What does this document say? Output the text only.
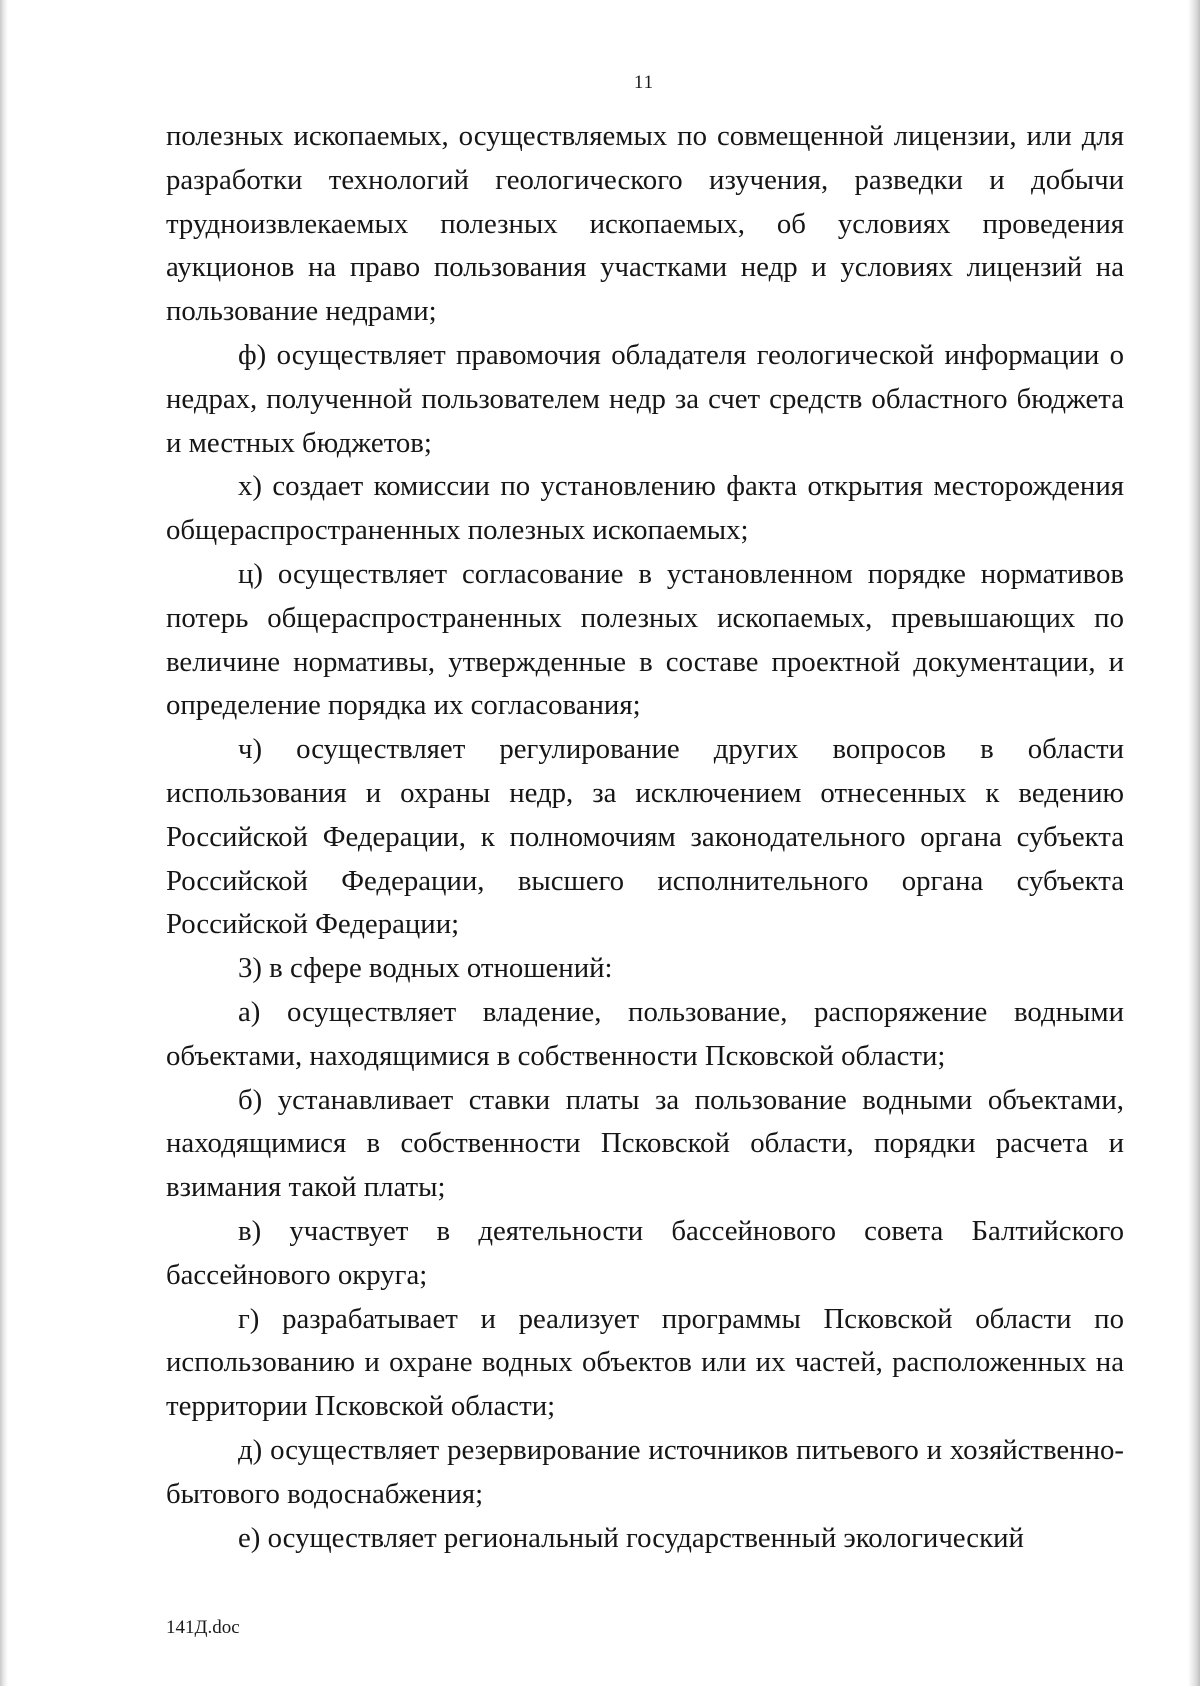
11

полезных ископаемых, осуществляемых по совмещенной лицензии, или для разработки технологий геологического изучения, разведки и добычи трудноизвлекаемых полезных ископаемых, об условиях проведения аукционов на право пользования участками недр и условиях лицензий на пользование недрами;

ф) осуществляет правомочия обладателя геологической информации о недрах, полученной пользователем недр за счет средств областного бюджета и местных бюджетов;

х) создает комиссии по установлению факта открытия месторождения общераспространенных полезных ископаемых;

ц) осуществляет согласование в установленном порядке нормативов потерь общераспространенных полезных ископаемых, превышающих по величине нормативы, утвержденные в составе проектной документации, и определение порядка их согласования;

ч) осуществляет регулирование других вопросов в области использования и охраны недр, за исключением отнесенных к ведению Российской Федерации, к полномочиям законодательного органа субъекта Российской Федерации, высшего исполнительного органа субъекта Российской Федерации;

3) в сфере водных отношений:

а) осуществляет владение, пользование, распоряжение водными объектами, находящимися в собственности Псковской области;

б) устанавливает ставки платы за пользование водными объектами, находящимися в собственности Псковской области, порядки расчета и взимания такой платы;

в) участвует в деятельности бассейнового совета Балтийского бассейнового округа;

г) разрабатывает и реализует программы Псковской области по использованию и охране водных объектов или их частей, расположенных на территории Псковской области;

д) осуществляет резервирование источников питьевого и хозяйственно-бытового водоснабжения;

е) осуществляет региональный государственный экологический

141Д.doc
